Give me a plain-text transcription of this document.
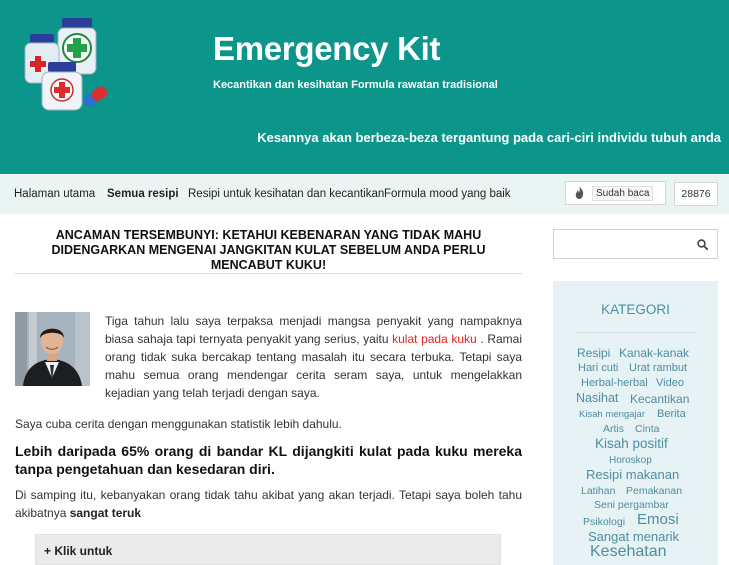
Emergency Kit
Kecantikan dan kesihatan Formula rawatan tradisional
Kesannya akan berbeza-beza tergantung pada cari-ciri individu tubuh anda
Halaman utama Semua resipi Resipi untuk kesihatan dan kecantikan Formula mood yang baik	Sudah baca	28876
ANCAMAN TERSEMBUNYI: KETAHUI KEBENARAN YANG TIDAK MAHU DIDENGARKAN MENGENAI JANGKITAN KULAT SEBELUM ANDA PERLU MENCABUT KUKU!
Tiga tahun lalu saya terpaksa menjadi mangsa penyakit yang nampaknya biasa sahaja tapi ternyata penyakit yang serius, yaitu kulat pada kuku . Ramai orang tidak suka bercakap tentang masalah itu secara terbuka. Tetapi saya mahu semua orang mendengar cerita seram saya, untuk mengelakkan kejadian yang telah terjadi dengan saya.
Saya cuba cerita dengan menggunakan statistik lebih dahulu.
Lebih daripada 65% orang di bandar KL dijangkiti kulat pada kuku mereka tanpa pengetahuan dan kesedaran diri.
Di samping itu, kebanyakan orang tidak tahu akibat yang akan terjadi. Tetapi saya boleh tahu akibatnya sangat teruk
+ Klik untuk
KATEGORI
Resipi Kanak-kanak
Hari cuti Urat rambut
Herbal-herbal Video
Nasihat Kecantikan
Kisah mengajar Berita
Artis Cinta
Kisah positif
Horoskop
Resipi makanan
Latihan Pemakanan
Seni pergambar
Psikologi Emosi
Sangat menarik
Kesehatan
